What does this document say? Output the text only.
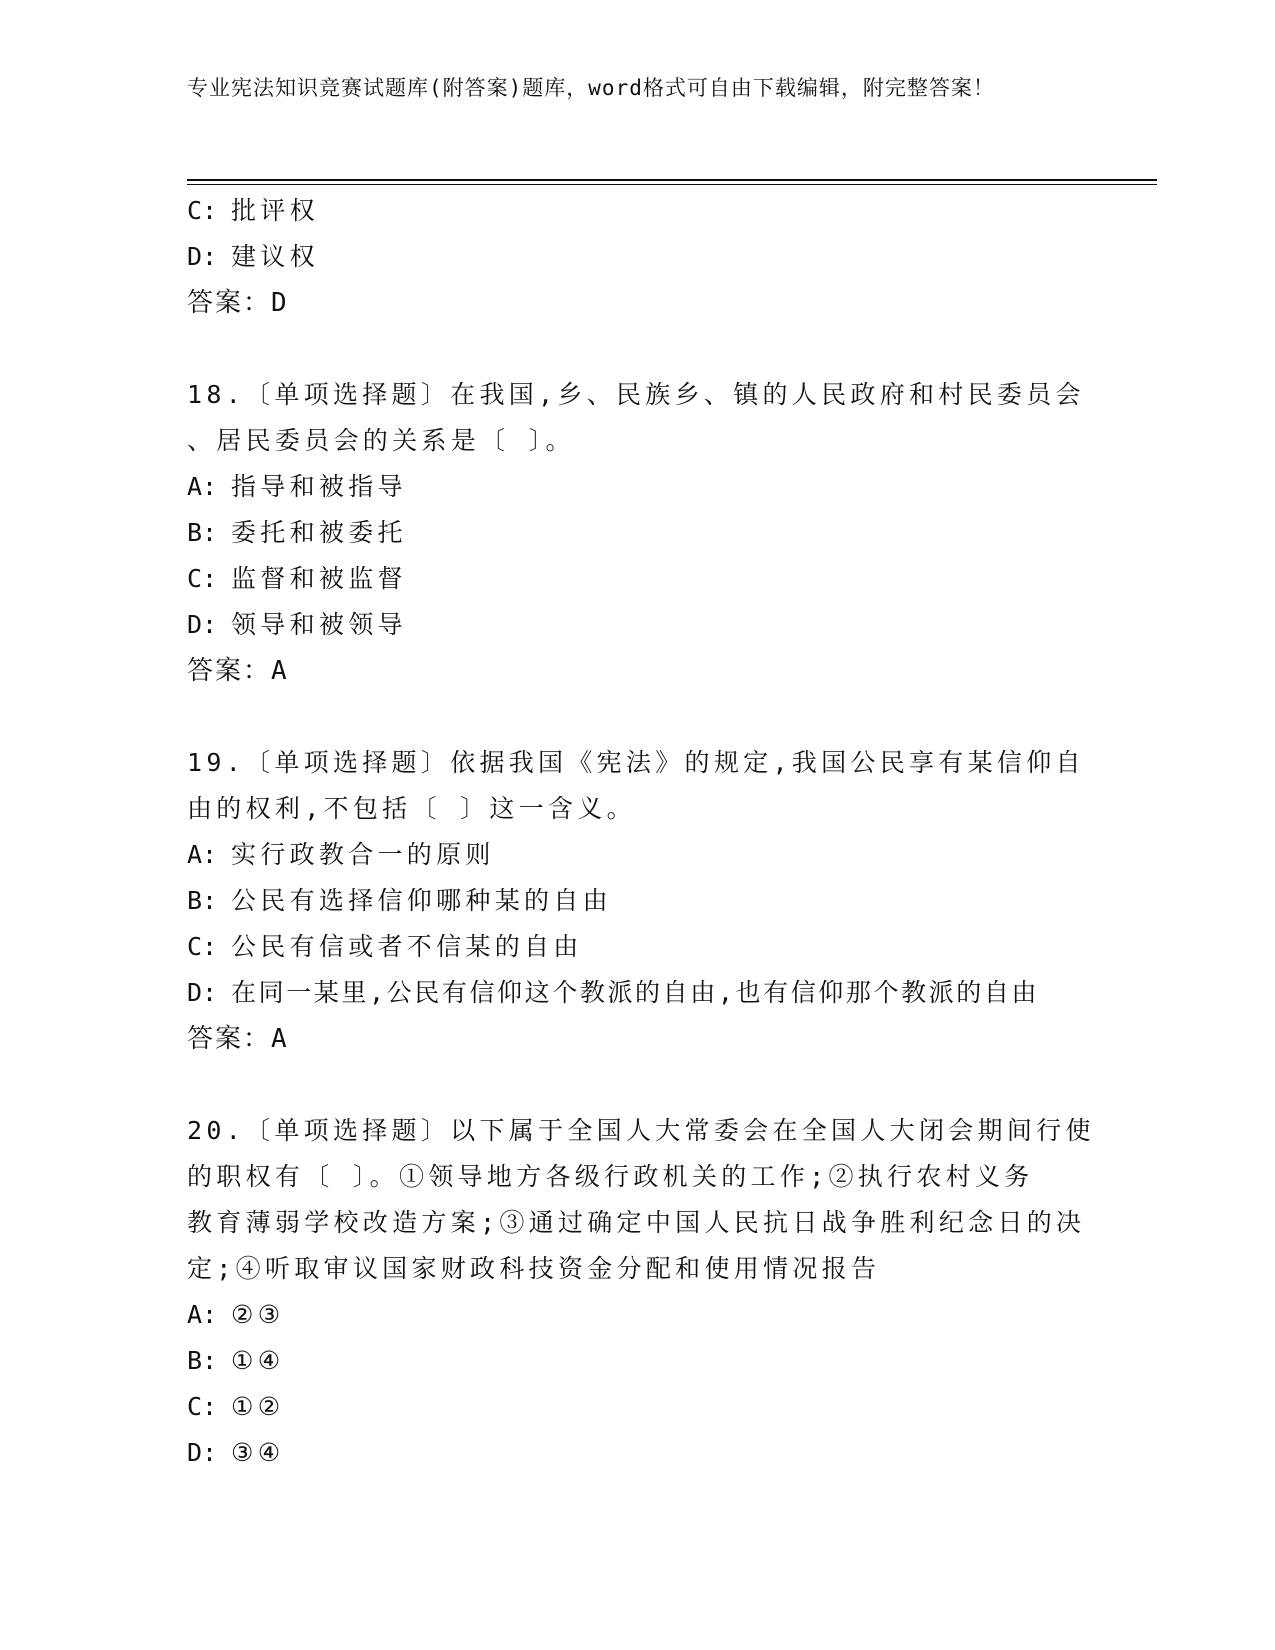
专业宪法知识竞赛试题库(附答案)题库，word格式可自由下载编辑，附完整答案！

C: 批评权

D: 建议权

答案：D

18.〔单项选择题〕在我国,乡、民族乡、镇的人民政府和村民委员会

、居民委员会的关系是〔 〕。

A: 指导和被指导

B: 委托和被委托

C: 监督和被监督

D: 领导和被领导

答案：A

19.〔单项选择题〕依据我国《宪法》的规定,我国公民享有某信仰自

由的权利,不包括〔 〕这一含义。

A: 实行政教合一的原则

B: 公民有选择信仰哪种某的自由

C: 公民有信或者不信某的自由

D: 在同一某里,公民有信仰这个教派的自由,也有信仰那个教派的自由

答案：A

20.〔单项选择题〕以下属于全国人大常委会在全国人大闭会期间行使

的职权有〔 〕。①领导地方各级行政机关的工作;②执行农村义务

教育薄弱学校改造方案;③通过确定中国人民抗日战争胜利纪念日的决

定;④听取审议国家财政科技资金分配和使用情况报告

A: ②③

B: ①④

C: ①②

D: ③④
